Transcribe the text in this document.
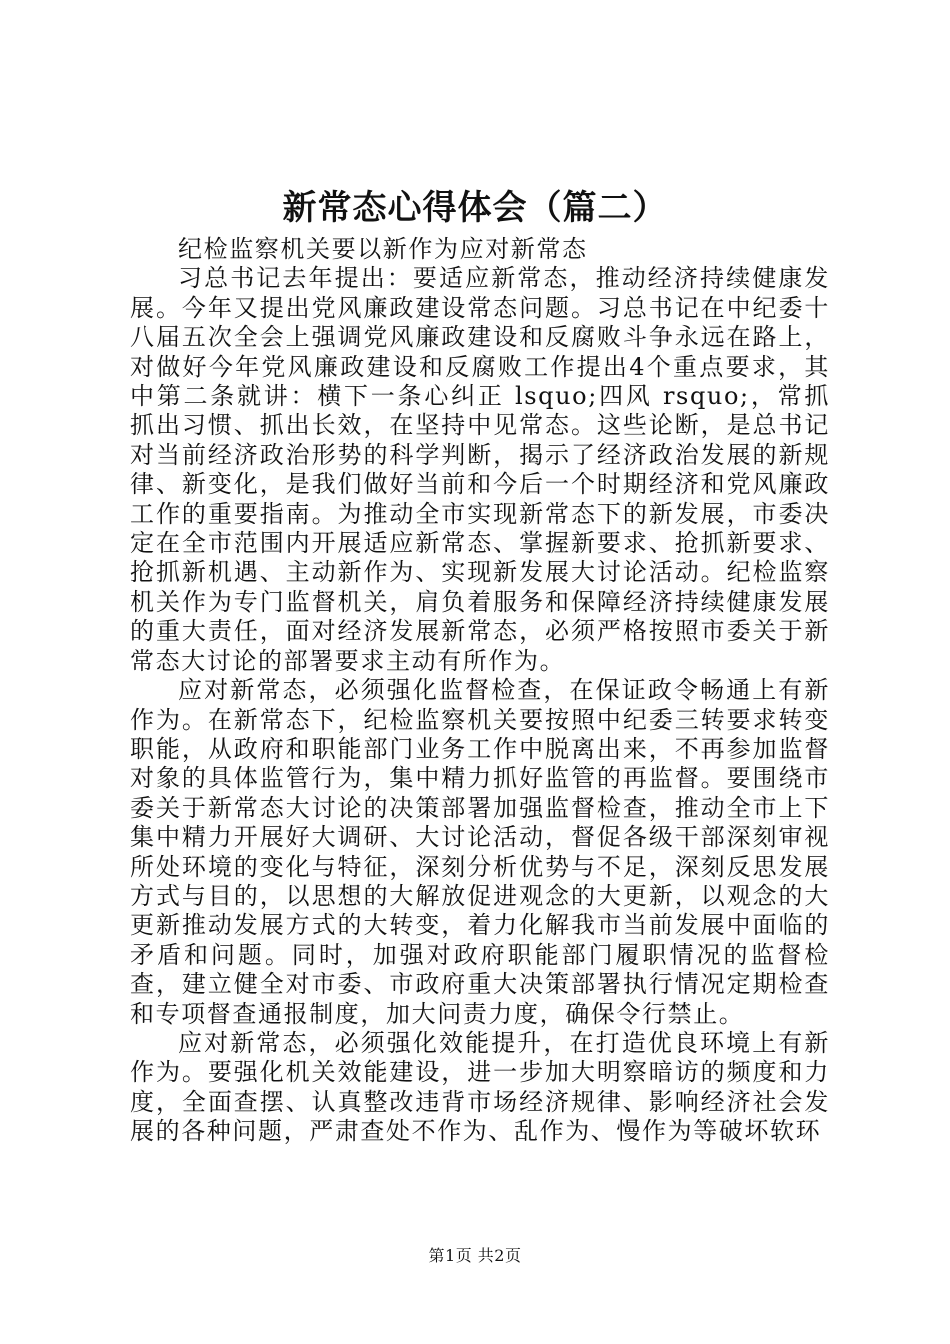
新常态心得体会（篇二）

纪检监察机关要以新作为应对新常态

习总书记去年提出：要适应新常态，推动经济持续健康发展。今年又提出党风廉政建设常态问题。习总书记在中纪委十八届五次全会上强调党风廉政建设和反腐败斗争永远在路上，对做好今年党风廉政建设和反腐败工作提出4个重点要求，其中第二条就讲：横下一条心纠正 lsquo;四风 rsquo;，常抓抓出习惯、抓出长效，在坚持中见常态。这些论断，是总书记对当前经济政治形势的科学判断，揭示了经济政治发展的新规律、新变化，是我们做好当前和今后一个时期经济和党风廉政工作的重要指南。为推动全市实现新常态下的新发展，市委决定在全市范围内开展适应新常态、掌握新要求、抢抓新要求、抢抓新机遇、主动新作为、实现新发展大讨论活动。纪检监察机关作为专门监督机关，肩负着服务和保障经济持续健康发展的重大责任，面对经济发展新常态，必须严格按照市委关于新常态大讨论的部署要求主动有所作为。

应对新常态，必须强化监督检查，在保证政令畅通上有新作为。在新常态下，纪检监察机关要按照中纪委三转要求转变职能，从政府和职能部门业务工作中脱离出来，不再参加监督对象的具体监管行为，集中精力抓好监管的再监督。要围绕市委关于新常态大讨论的决策部署加强监督检查，推动全市上下集中精力开展好大调研、大讨论活动，督促各级干部深刻审视所处环境的变化与特征，深刻分析优势与不足，深刻反思发展方式与目的，以思想的大解放促进观念的大更新，以观念的大更新推动发展方式的大转变，着力化解我市当前发展中面临的矛盾和问题。同时，加强对政府职能部门履职情况的监督检查，建立健全对市委、市政府重大决策部署执行情况定期检查和专项督查通报制度，加大问责力度，确保令行禁止。

应对新常态，必须强化效能提升，在打造优良环境上有新作为。要强化机关效能建设，进一步加大明察暗访的频度和力度，全面查摆、认真整改违背市场经济规律、影响经济社会发展的各种问题，严肃查处不作为、乱作为、慢作为等破坏软环

第1页 共2页
